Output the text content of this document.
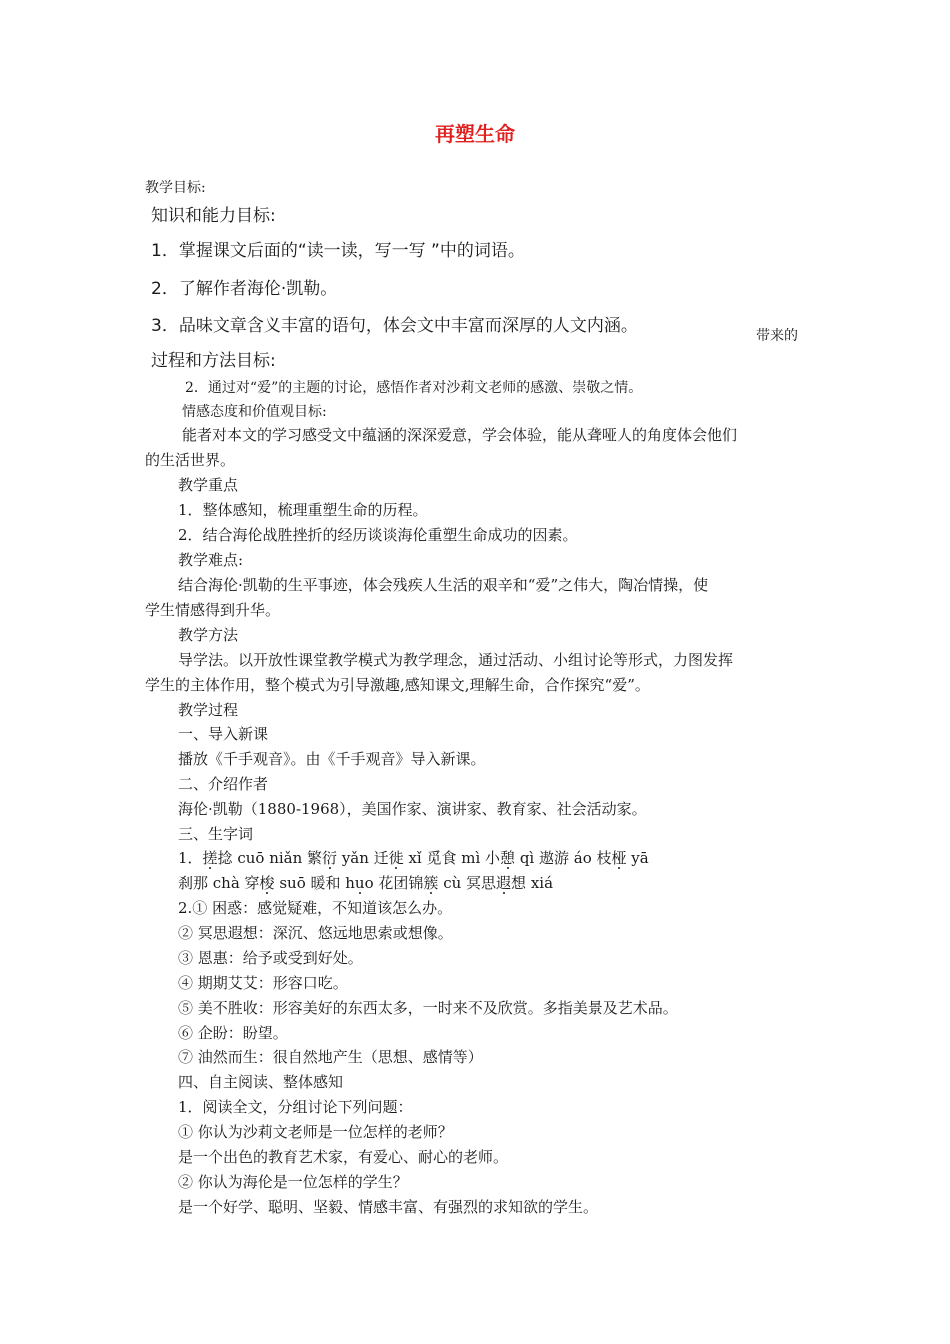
再塑生命
教学目标:
知识和能力目标:
1．掌握课文后面的“读一读，写一写 ”中的词语。
2．了解作者海伦·凯勒。
3．品味文章含义丰富的语句，体会文中丰富而深厚的人文内涵。	带来的
过程和方法目标:
2．通过对“爱”的主题的讨论，感悟作者对沙莉文老师的感激、崇敬之情。
情感态度和价值观目标:
能者对本文的学习感受文中蕴涵的深深爱意，学会体验，能从聋哑人的角度体会他们
的生活世界。
教学重点
1．整体感知，梳理重塑生命的历程。
2．结合海伦战胜挫折的经历谈谈海伦重塑生命成功的因素。
教学难点:
结合海伦·凯勒的生平事迹，体会残疾人生活的艰辛和“爱”之伟大，陶冶情操，使
学生情感得到升华。
教学方法
导学法。以开放性课堂教学模式为教学理念，通过活动、小组讨论等形式，力图发挥
学生的主体作用，整个模式为引导激趣,感知课文,理解生命，合作探究“爱”。
教学过程
一、导入新课
播放《千手观音》。由《千手观音》导入新课。
二、介绍作者
海伦·凯勒（1880-1968），美国作家、演讲家、教育家、社会活动家。
三、生字词
1．搓
捻 cuō niǎn 繁衍
yǎn 迁徙
xǐ 觅食 mì 小憩
qì 遨游 áo 枝桠
yā
刹那 chà 穿梭
suō 暖和 hu
o 花团锦簇
cù 冥思遐
想 xiá
2.① 困惑：感觉疑难，不知道该怎么办。
② 冥思遐想：深沉、悠远地思索或想像。
③ 恩惠：给予或受到好处。
④ 期期艾艾：形容口吃。
⑤ 美不胜收：形容美好的东西太多，一时来不及欣赏。多指美景及艺术品。
⑥ 企盼：盼望。
⑦ 油然而生：很自然地产生（思想、感情等）
四、自主阅读、整体感知
1．阅读全文，分组讨论下列问题：
① 你认为沙莉文老师是一位怎样的老师？
是一个出色的教育艺术家，有爱心、耐心的老师。
② 你认为海伦是一位怎样的学生？
是一个好学、聪明、坚毅、情感丰富、有强烈的求知欲的学生。
